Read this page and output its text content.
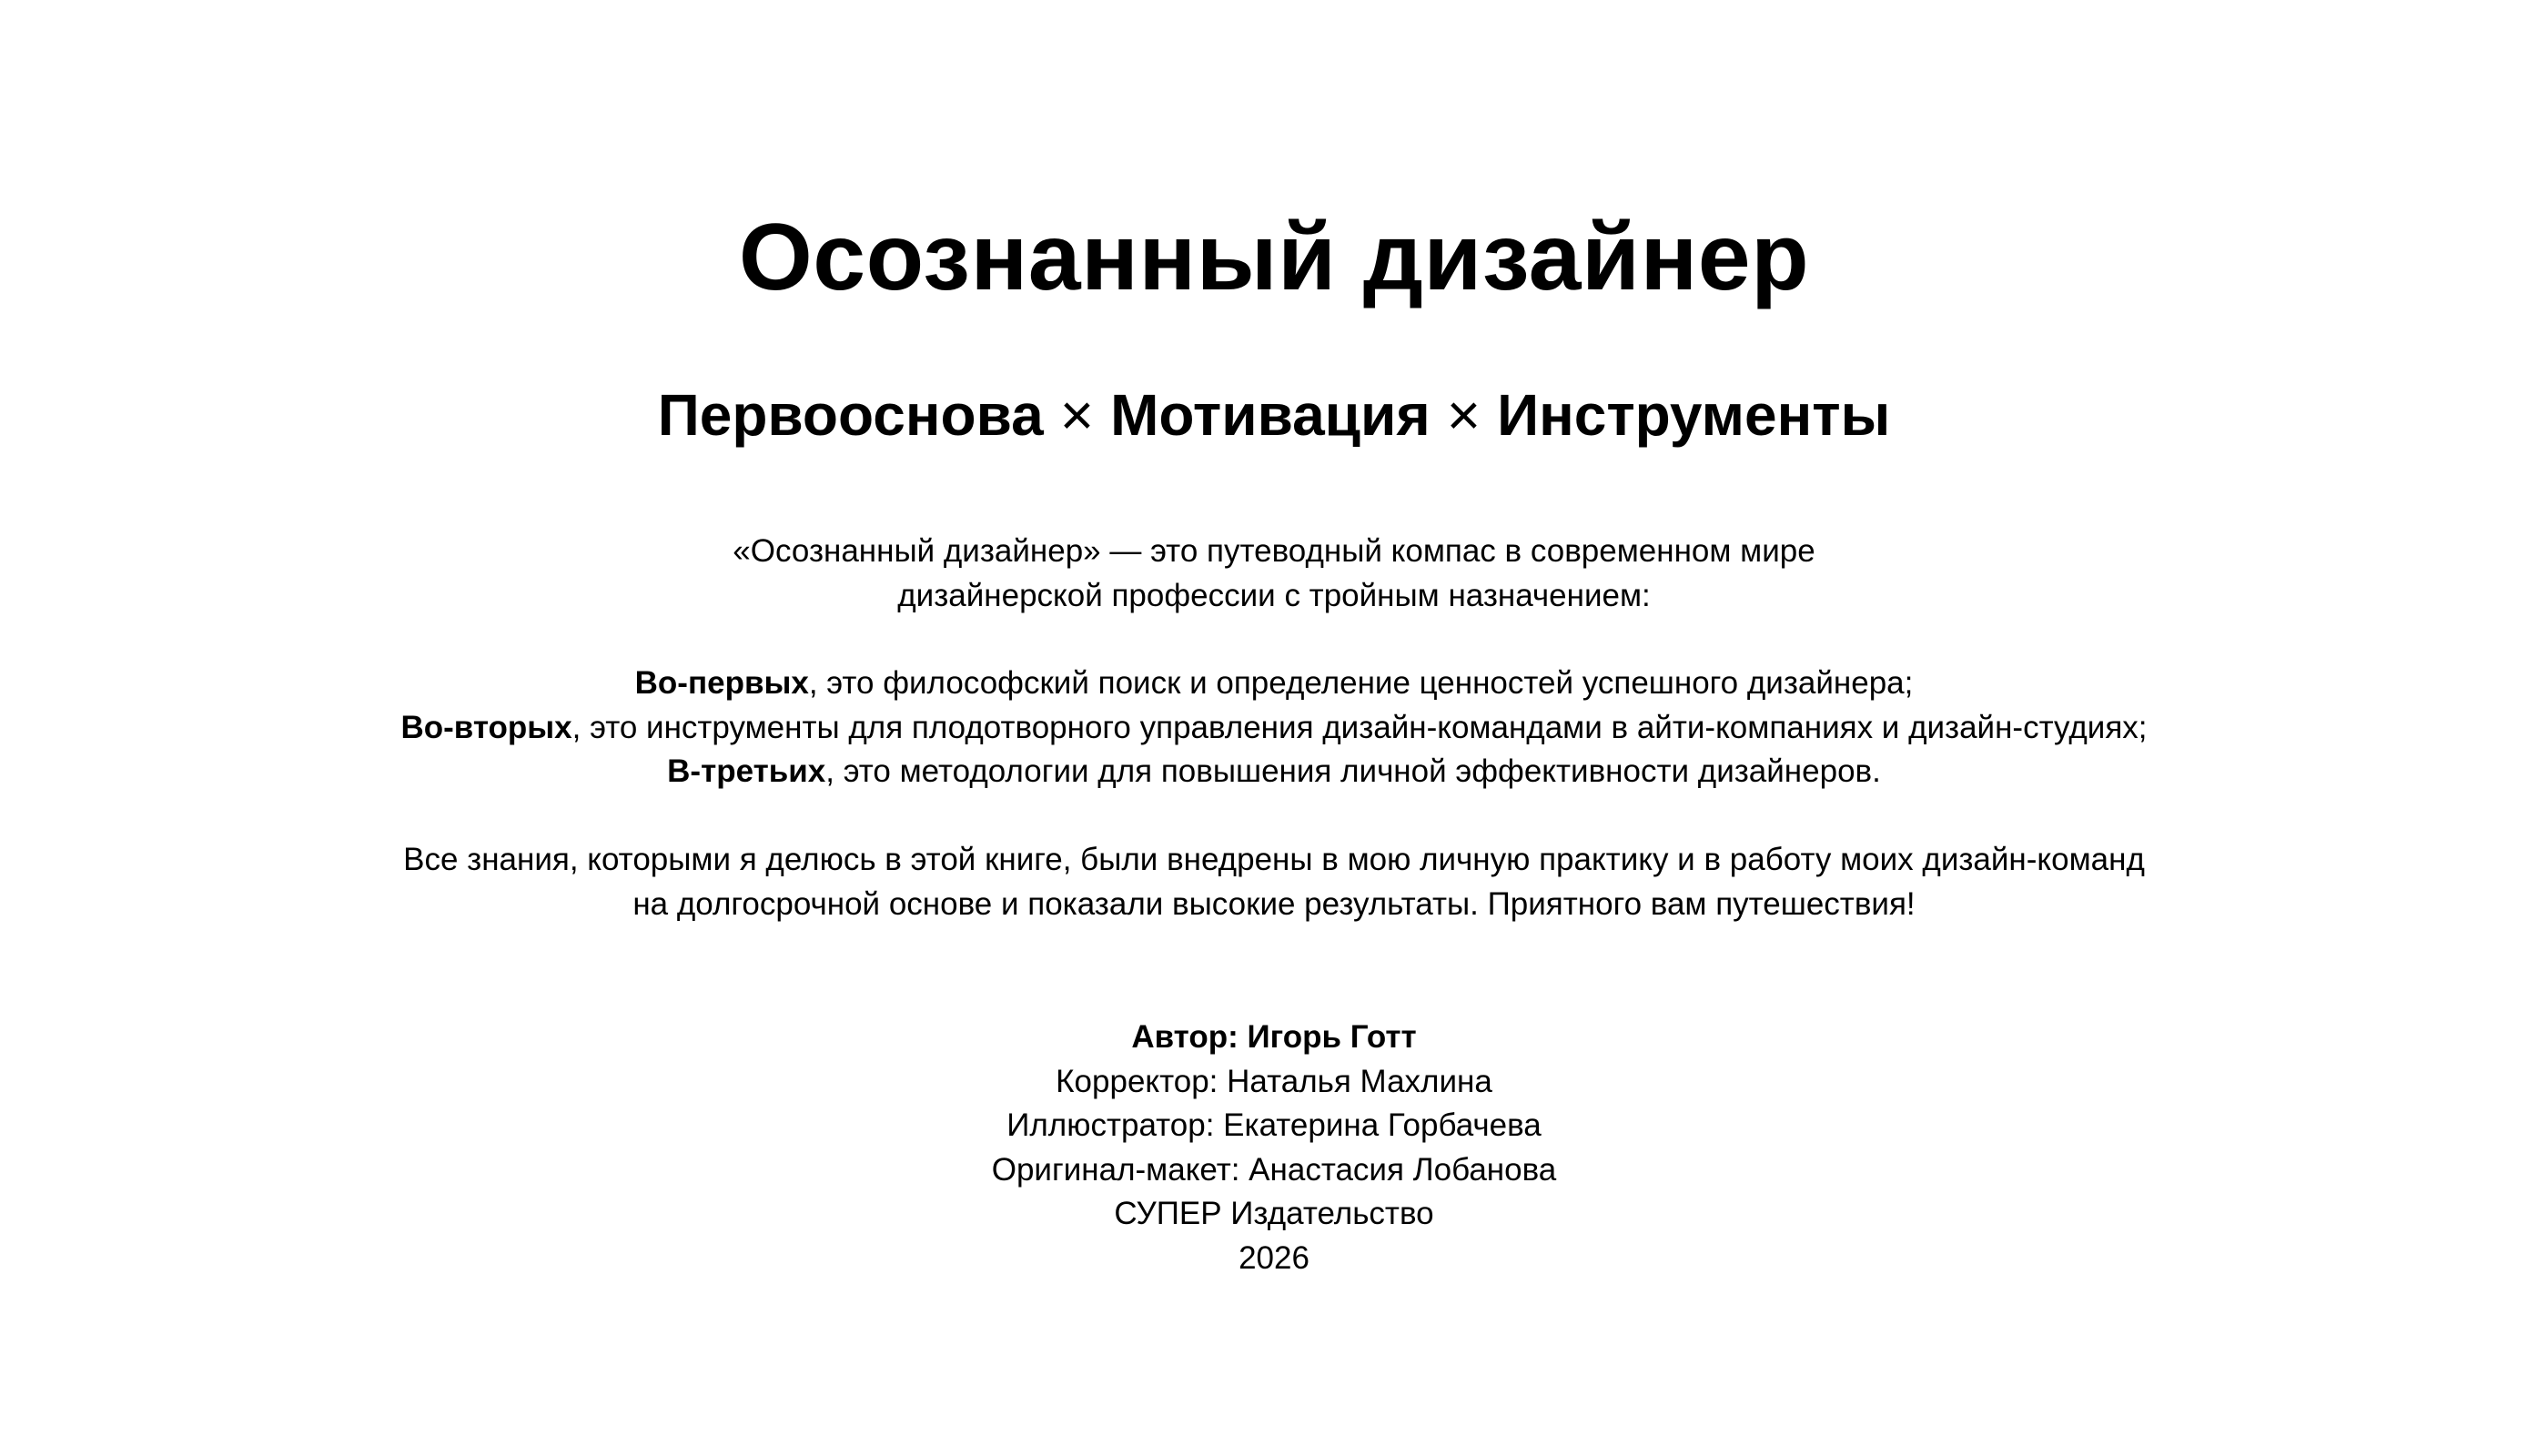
Осознанный дизайнер
Первооснова × Мотивация × Инструменты

«Осознанный дизайнер» — это путеводный компас в современном мире

дизайнерской профессии с тройным назначением:

Во-первых, это философский поиск и определение ценностей успешного дизайнера;

Во-вторых, это инструменты для плодотворного управления дизайн-командами в айти-компаниях и дизайн-студиях;

В-третьих, это методологии для повышения личной эффективности дизайнеров.

Все знания, которыми я делюсь в этой книге, были внедрены в мою личную практику и в работу моих дизайн-команд

на долгосрочной основе и показали высокие результаты. Приятного вам путешествия!

Автор: Игорь Готт

Корректор: Наталья Махлина

Иллюстратор: Екатерина Горбачева

Оригинал-макет: Анастасия Лобанова

СУПЕР Издательство

2026
